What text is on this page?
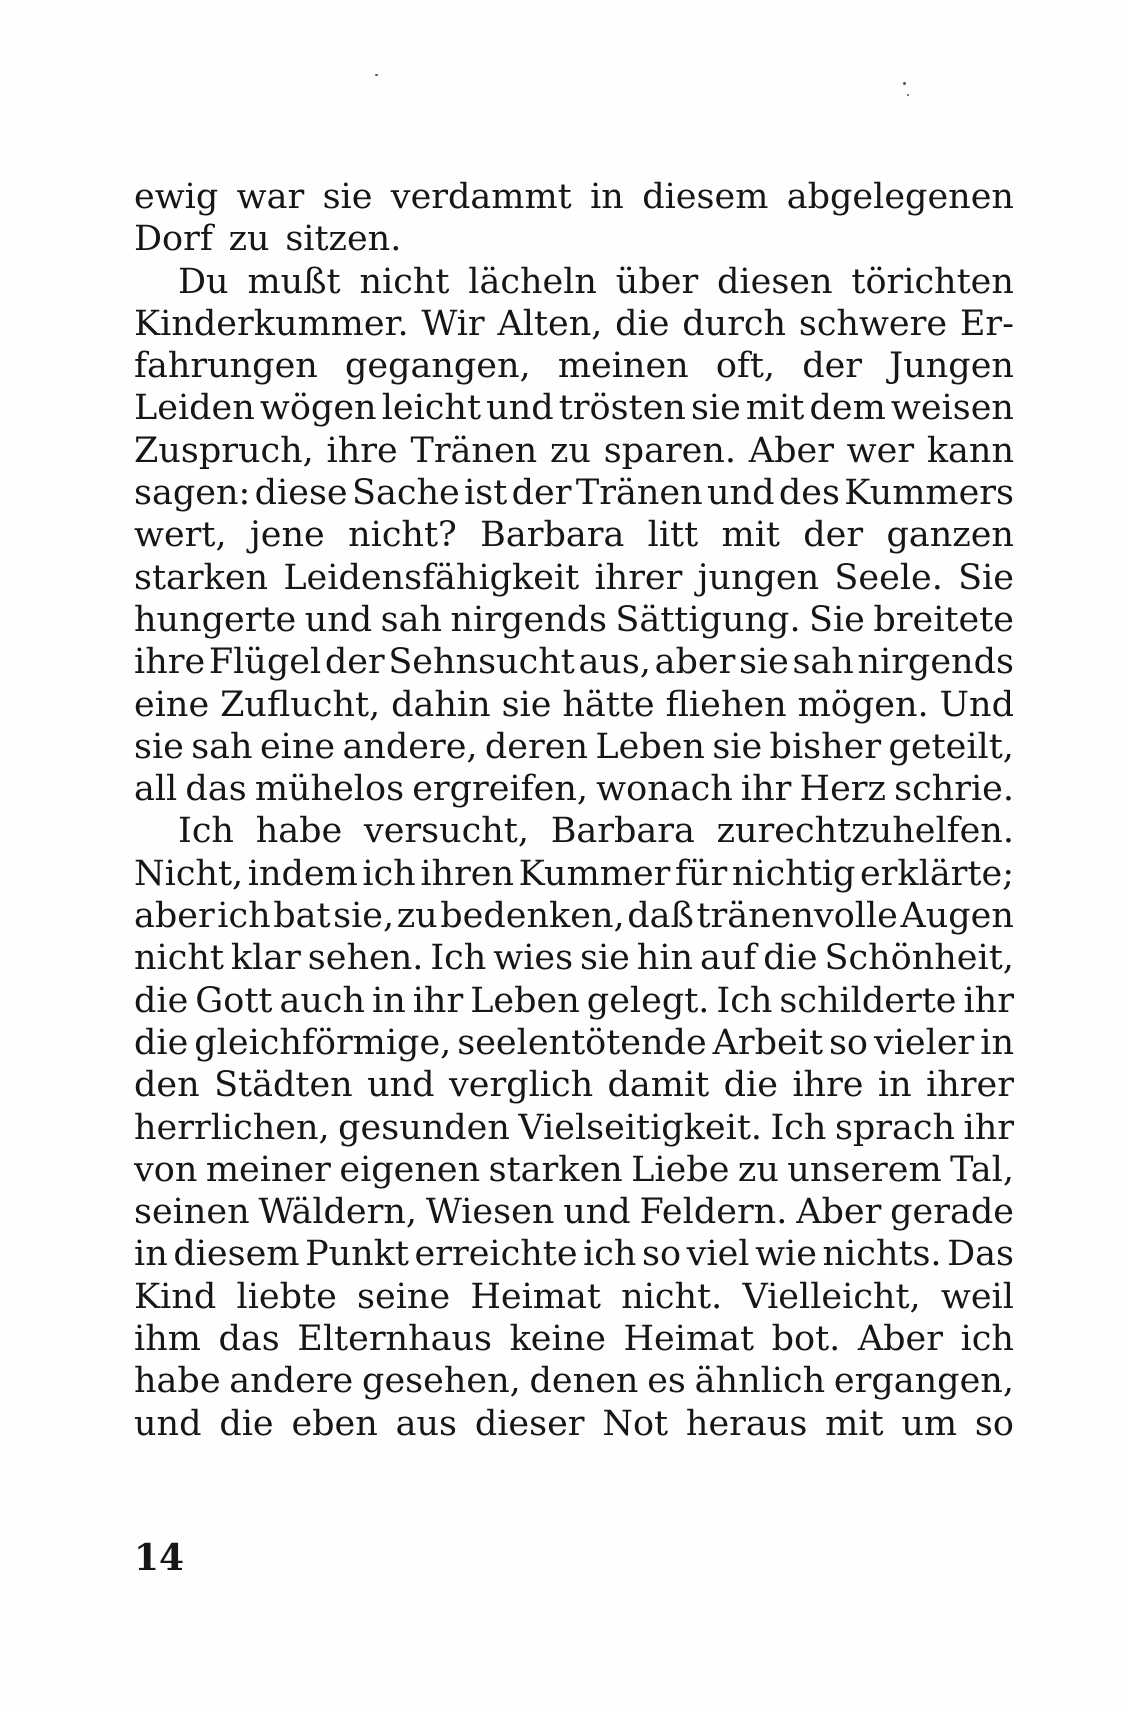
ewig war sie verdammt in diesem abgelegenen
Dorf zu sitzen.
Du mußt nicht lächeln über diesen törichten
Kinderkummer. Wir Alten, die durch schwere Er-
fahrungen gegangen, meinen oft, der Jungen
Leiden wögen leicht und trösten sie mit dem weisen
Zuspruch, ihre Tränen zu sparen. Aber wer kann
sagen: diese Sache ist der Tränen und des Kummers
wert, jene nicht? Barbara litt mit der ganzen
starken Leidensfähigkeit ihrer jungen Seele. Sie
hungerte und sah nirgends Sättigung. Sie breitete
ihre Flügel der Sehnsucht aus, aber sie sah nirgends
eine Zuflucht, dahin sie hätte fliehen mögen. Und
sie sah eine andere, deren Leben sie bisher geteilt,
all das mühelos ergreifen, wonach ihr Herz schrie.
Ich habe versucht, Barbara zurechtzuhelfen.
Nicht, indem ich ihren Kummer für nichtig erklärte;
aber ich bat sie, zu bedenken, daß tränenvolle Augen
nicht klar sehen. Ich wies sie hin auf die Schönheit,
die Gott auch in ihr Leben gelegt. Ich schilderte ihr
die gleichförmige, seelentötende Arbeit so vieler in
den Städten und verglich damit die ihre in ihrer
herrlichen, gesunden Vielseitigkeit. Ich sprach ihr
von meiner eigenen starken Liebe zu unserem Tal,
seinen Wäldern, Wiesen und Feldern. Aber gerade
in diesem Punkt erreichte ich so viel wie nichts. Das
Kind liebte seine Heimat nicht. Vielleicht, weil
ihm das Elternhaus keine Heimat bot. Aber ich
habe andere gesehen, denen es ähnlich ergangen,
und die eben aus dieser Not heraus mit um so
14
